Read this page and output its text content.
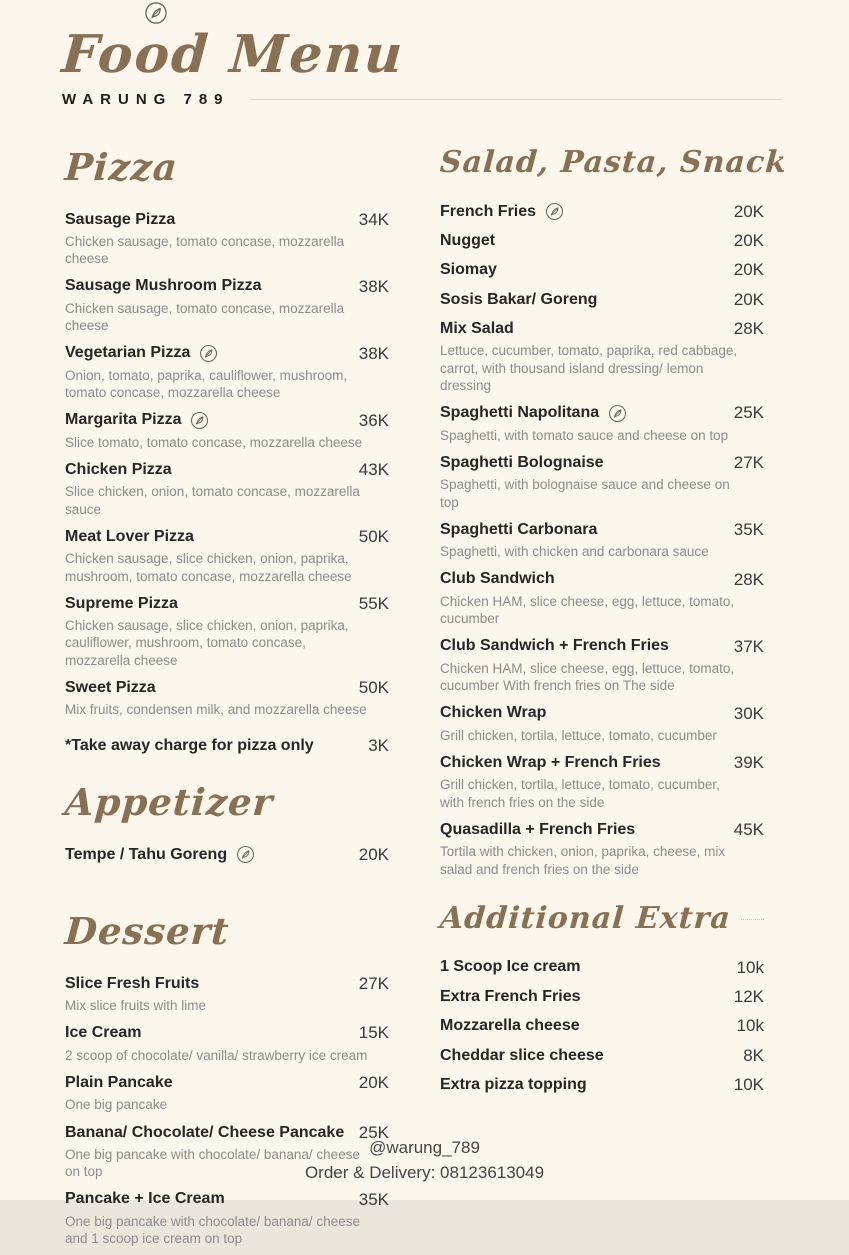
Food Menu
WARUNG 789
Pizza
Sausage Pizza	34K
Chicken sausage, tomato concase, mozzarella cheese
Sausage Mushroom Pizza	38K
Chicken sausage, tomato concase, mozzarella cheese
Vegetarian Pizza	38K
Onion, tomato, paprika, cauliflower, mushroom, tomato concase, mozzarella cheese
Margarita Pizza	36K
Slice tomato, tomato concase, mozzarella cheese
Chicken Pizza	43K
Slice chicken, onion, tomato concase, mozzarella sauce
Meat Lover Pizza	50K
Chicken sausage, slice chicken, onion, paprika, mushroom, tomato concase, mozzarella cheese
Supreme Pizza	55K
Chicken sausage, slice chicken, onion, paprika, cauliflower, mushroom, tomato concase, mozzarella cheese
Sweet Pizza	50K
Mix fruits, condensen milk, and mozzarella cheese
*Take away charge for pizza only	3K
Appetizer
Tempe / Tahu Goreng	20K
Dessert
Slice Fresh Fruits	27K
Mix slice fruits with lime
Ice Cream	15K
2 scoop of chocolate/ vanilla/ strawberry ice cream
Plain Pancake	20K
One big pancake
Banana/ Chocolate/ Cheese Pancake 25K
One big pancake with chocolate/ banana/ cheese on top
Pancake + Ice Cream	35K
One big pancake with chocolate/ banana/ cheese and 1 scoop ice cream on top
Salad, Pasta, Snack
French Fries	20K
Nugget	20K
Siomay	20K
Sosis Bakar/ Goreng	20K
Mix Salad	28K
Lettuce, cucumber, tomato, paprika, red cabbage, carrot, with thousand island dressing/ lemon dressing
Spaghetti Napolitana	25K
Spaghetti, with tomato sauce and cheese on top
Spaghetti Bolognaise	27K
Spaghetti, with bolognaise sauce and cheese on top
Spaghetti Carbonara	35K
Spaghetti, with chicken and carbonara sauce
Club Sandwich	28K
Chicken HAM, slice cheese, egg, lettuce, tomato, cucumber
Club Sandwich + French Fries	37K
Chicken HAM, slice cheese, egg, lettuce, tomato, cucumber With french fries on The side
Chicken Wrap	30K
Grill chicken, tortila, lettuce, tomato, cucumber
Chicken Wrap + French Fries	39K
Grill chicken, tortila, lettuce, tomato, cucumber, with french fries on the side
Quasadilla + French Fries	45K
Tortila with chicken, onion, paprika, cheese, mix salad and french fries on the side
Additional Extra
1 Scoop Ice cream	10k
Extra French Fries	12K
Mozzarella cheese	10k
Cheddar slice cheese	8K
Extra pizza topping	10K
@warung_789
Order & Delivery: 08123613049
